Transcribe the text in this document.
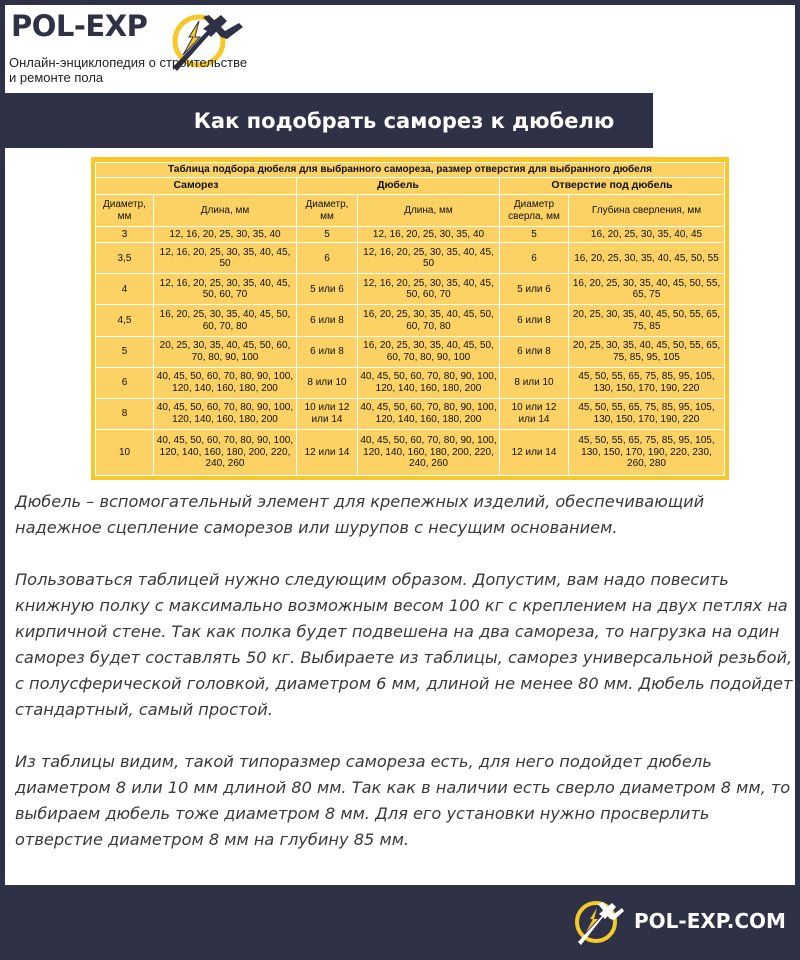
POL-EXP
Онлайн-энциклопедия о строительстве и ремонте пола
Как подобрать саморез к дюбелю
Таблица подбора дюбеля для выбранного самореза, размер отверстия для выбранного дюбеля					
Саморез		Дюбель		Отверстие под дюбель	
Диаметр, мм	Длина, мм	Диаметр, мм	Длина, мм	Диаметр сверла, мм	Глубина сверления, мм
3	12, 16, 20, 25, 30, 35, 40	5	12, 16, 20, 25, 30, 35, 40	5	16, 20, 25, 30, 35, 40, 45
3,5	12, 16, 20, 25, 30, 35, 40, 45, 50	6	12, 16, 20, 25, 30, 35, 40, 45, 50	6	16, 20, 25, 30, 35, 40, 45, 50, 55
4	12, 16, 20, 25, 30, 35, 40, 45, 50, 60, 70	5 или 6	12, 16, 20, 25, 30, 35, 40, 45, 50, 60, 70	5 или 6	16, 20, 25, 30, 35, 40, 45, 50, 55, 65, 75
4,5	16, 20, 25, 30, 35, 40, 45, 50, 60, 70, 80	6 или 8	16, 20, 25, 30, 35, 40, 45, 50, 60, 70, 80	6 или 8	20, 25, 30, 35, 40, 45, 50, 55, 65, 75, 85
5	20, 25, 30, 35, 40, 45, 50, 60, 70, 80, 90, 100	6 или 8	16, 20, 25, 30, 35, 40, 45, 50, 60, 70, 80, 90, 100	6 или 8	20, 25, 30, 35, 40, 45, 50, 55, 65, 75, 85, 95, 105
6	40, 45, 50, 60, 70, 80, 90, 100, 120, 140, 160, 180, 200	8 или 10	40, 45, 50, 60, 70, 80, 90, 100, 120, 140, 160, 180, 200	8 или 10	45, 50, 55, 65, 75, 85, 95, 105, 130, 150, 170, 190, 220
8	40, 45, 50, 60, 70, 80, 90, 100, 120, 140, 160, 180, 200	10 или 12 или 14	40, 45, 50, 60, 70, 80, 90, 100, 120, 140, 160, 180, 200	10 или 12 или 14	45, 50, 55, 65, 75, 85, 95, 105, 130, 150, 170, 190, 220
10	40, 45, 50, 60, 70, 80, 90, 100, 120, 140, 160, 180, 200, 220, 240, 260	12 или 14	40, 45, 50, 60, 70, 80, 90, 100, 120, 140, 160, 180, 200, 220, 240, 260	12 или 14	45, 50, 55, 65, 75, 85, 95, 105, 130, 150, 170, 190, 220, 230, 260, 280

Дюбель – вспомогательный элемент для крепежных изделий, обеспечивающий надежное сцепление саморезов или шурупов с несущим основанием.

Пользоваться таблицей нужно следующим образом. Допустим, вам надо повесить книжную полку с максимально возможным весом 100 кг с креплением на двух петлях на кирпичной стене. Так как полка будет подвешена на два самореза, то нагрузка на один саморез будет составлять 50 кг. Выбираете из таблицы, саморез универсальной резьбой, с полусферической головкой, диаметром 6 мм, длиной не менее 80 мм. Дюбель подойдет стандартный, самый простой.

Из таблицы видим, такой типоразмер самореза есть, для него подойдет дюбель диаметром 8 или 10 мм длиной 80 мм. Так как в наличии есть сверло диаметром 8 мм, то выбираем дюбель тоже диаметром 8 мм. Для его установки нужно просверлить отверстие диаметром 8 мм на глубину 85 мм.

POL-EXP.COM
